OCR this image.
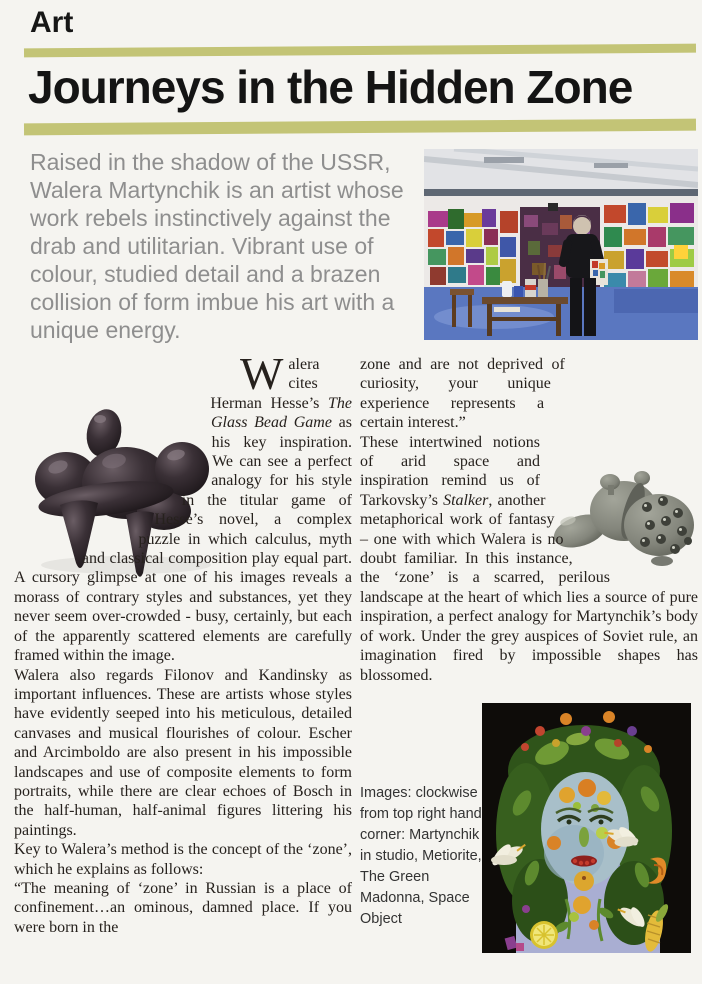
Art
Journeys in the Hidden Zone
Raised in the shadow of the USSR, Walera Martynchik is an artist whose work rebels instinctively against the drab and utilitarian. Vibrant use of colour, studied detail and a brazen collision of form imbue his art with a unique energy.

Walera cites Herman Hesse’s The Glass Bead Game as his key inspiration. We can see a perfect analogy for his style in the titular game of Hesse’s novel, a complex puzzle in which calculus, myth and classical composition play equal part. A cursory glimpse at one of his images reveals a morass of contrary styles and substances, yet they never seem over-crowded - busy, certainly, but each of the apparently scattered elements are carefully framed within the image.

Walera also regards Filonov and Kandinsky as important influences. These are artists whose styles have evidently seeped into his meticulous, detailed canvases and musical flourishes of colour. Escher and Arcimboldo are also present in his impossible landscapes and use of composite elements to form portraits, while there are clear echoes of Bosch in the half-human, half-animal figures littering his paintings.

Key to Walera’s method is the concept of the ‘zone’, which he explains as follows:

“The meaning of ‘zone’ in Russian is a place of confinement…an ominous, damned place. If you were born in the

zone and are not deprived of curiosity, your unique experience represents a certain interest.”

These intertwined notions of arid space and inspiration remind us of Tarkovsky’s Stalker, another metaphorical work of fantasy – one with which Walera is no doubt familiar. In this instance, the ‘zone’ is a scarred, perilous landscape at the heart of which lies a source of pure inspiration, a perfect analogy for Martynchik’s body of work. Under the grey auspices of Soviet rule, an imagination fired by impossible shapes has blossomed.

Images: clockwise from top right hand corner: Martynchik in studio, Metiorite, The Green Madonna, Space Object
